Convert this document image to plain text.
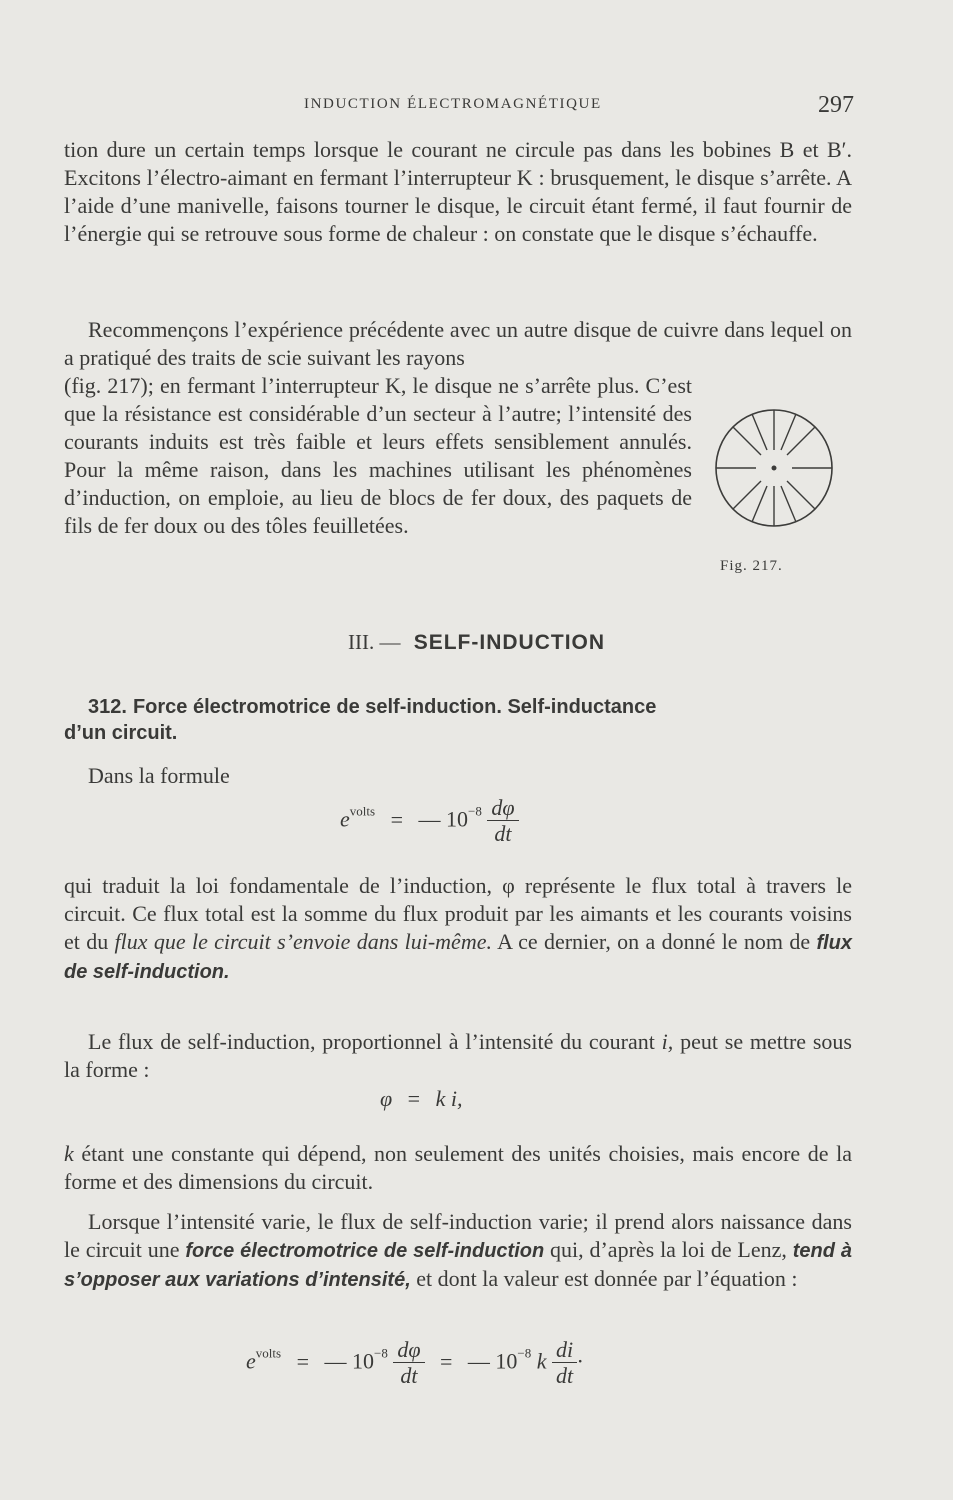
INDUCTION ÉLECTROMAGNÉTIQUE	297
tion dure un certain temps lorsque le courant ne circule pas dans les bobines B et B′. Excitons l’électro-aimant en fermant l’interrupteur K : brusquement, le disque s’arrête. A l’aide d’une manivelle, faisons tourner le disque, le circuit étant fermé, il faut fournir de l’énergie qui se retrouve sous forme de chaleur : on constate que le disque s’échauffe.
Recommençons l’expérience précédente avec un autre disque de cuivre dans lequel on a pratiqué des traits de scie suivant les rayons
(fig. 217); en fermant l’interrupteur K, le disque ne s’arrête plus. C’est que la résistance est considérable d’un secteur à l’autre; l’intensité des courants induits est très faible et leurs effets sensiblement annulés. Pour la même raison, dans les machines utilisant les phénomènes d’induction, on emploie, au lieu de blocs de fer doux, des paquets de fils de fer doux ou des tôles feuilletées.
Fig. 217.
III. — SELF-INDUCTION
312. Force électromotrice de self-induction. Self-inductance
d’un circuit.
Dans la formule
$e^{volts}$ = — $10^{-8} \frac{d\varphi}{dt}$
qui traduit la loi fondamentale de l’induction, φ représente le flux total à travers le circuit. Ce flux total est la somme du flux produit par les aimants et les courants voisins et du flux que le circuit s’envoie dans lui-même. A ce dernier, on a donné le nom de flux de self-induction.
Le flux de self-induction, proportionnel à l’intensité du courant i, peut se mettre sous la forme :
φ = k i,
k étant une constante qui dépend, non seulement des unités choisies, mais encore de la forme et des dimensions du circuit.
Lorsque l’intensité varie, le flux de self-induction varie; il prend alors naissance dans le circuit une force électromotrice de self-induction qui, d’après la loi de Lenz, tend à s’opposer aux variations d’intensité, et dont la valeur est donnée par l’équation :
$e^{volts}$ = — $10^{-8} \frac{d\varphi}{dt}$ = — $10^{-8}$ k $\frac{di}{dt}$ ·
